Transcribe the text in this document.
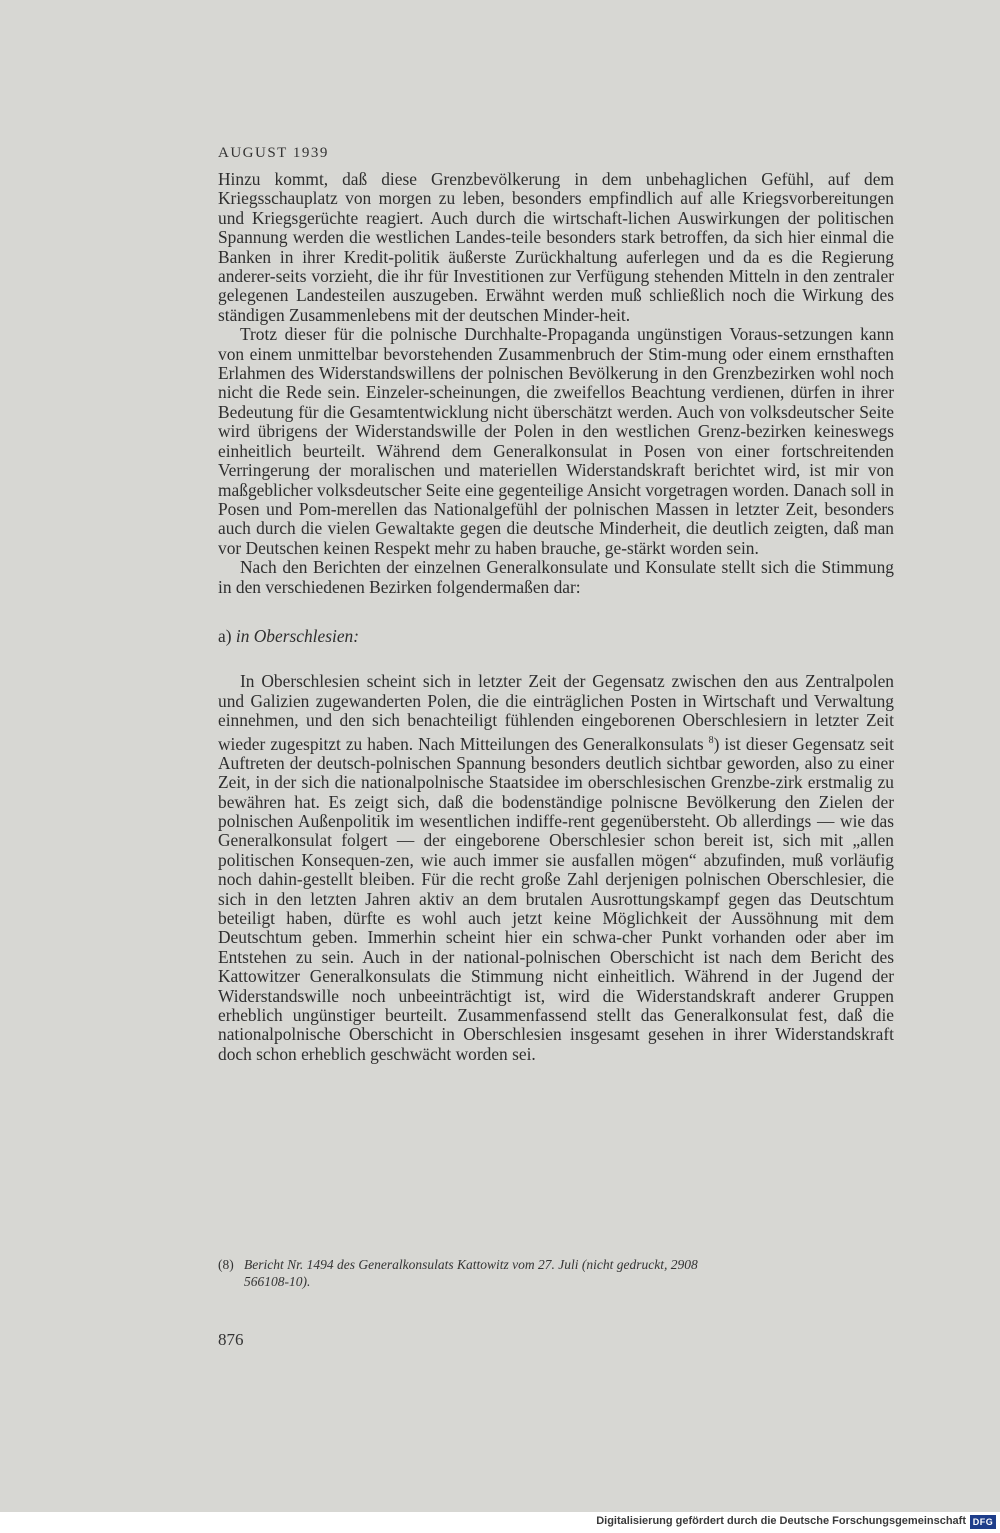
AUGUST 1939

Hinzu kommt, daß diese Grenzbevölkerung in dem unbehaglichen Gefühl, auf dem Kriegsschauplatz von morgen zu leben, besonders empfindlich auf alle Kriegsvorbereitungen und Kriegsgerüchte reagiert. Auch durch die wirtschaft-lichen Auswirkungen der politischen Spannung werden die westlichen Landes-teile besonders stark betroffen, da sich hier einmal die Banken in ihrer Kredit-politik äußerste Zurückhaltung auferlegen und da es die Regierung anderer-seits vorzieht, die ihr für Investitionen zur Verfügung stehenden Mitteln in den zentraler gelegenen Landesteilen auszugeben. Erwähnt werden muß schließlich noch die Wirkung des ständigen Zusammenlebens mit der deutschen Minder-heit.

Trotz dieser für die polnische Durchhalte-Propaganda ungünstigen Voraus-setzungen kann von einem unmittelbar bevorstehenden Zusammenbruch der Stim-mung oder einem ernsthaften Erlahmen des Widerstandswillens der polnischen Bevölkerung in den Grenzbezirken wohl noch nicht die Rede sein. Einzeler-scheinungen, die zweifellos Beachtung verdienen, dürfen in ihrer Bedeutung für die Gesamtentwicklung nicht überschätzt werden. Auch von volksdeutscher Seite wird übrigens der Widerstandswille der Polen in den westlichen Grenz-bezirken keineswegs einheitlich beurteilt. Während dem Generalkonsulat in Posen von einer fortschreitenden Verringerung der moralischen und materiellen Widerstandskraft berichtet wird, ist mir von maßgeblicher volksdeutscher Seite eine gegenteilige Ansicht vorgetragen worden. Danach soll in Posen und Pom-merellen das Nationalgefühl der polnischen Massen in letzter Zeit, besonders auch durch die vielen Gewaltakte gegen die deutsche Minderheit, die deutlich zeigten, daß man vor Deutschen keinen Respekt mehr zu haben brauche, ge-stärkt worden sein.

Nach den Berichten der einzelnen Generalkonsulate und Konsulate stellt sich die Stimmung in den verschiedenen Bezirken folgendermaßen dar:

a) in Oberschlesien:

In Oberschlesien scheint sich in letzter Zeit der Gegensatz zwischen den aus Zentralpolen und Galizien zugewanderten Polen, die die einträglichen Posten in Wirtschaft und Verwaltung einnehmen, und den sich benachteiligt fühlenden eingeborenen Oberschlesiern in letzter Zeit wieder zugespitzt zu haben. Nach Mitteilungen des Generalkonsulats $^8$) ist dieser Gegensatz seit Auftreten der deutsch-polnischen Spannung besonders deutlich sichtbar geworden, also zu einer Zeit, in der sich die nationalpolnische Staatsidee im oberschlesischen Grenzbe-zirk erstmalig zu bewähren hat. Es zeigt sich, daß die bodenständige polniscne Bevölkerung den Zielen der polnischen Außenpolitik im wesentlichen indiffe-rent gegenübersteht. Ob allerdings — wie das Generalkonsulat folgert — der eingeborene Oberschlesier schon bereit ist, sich mit „allen politischen Konsequen-zen, wie auch immer sie ausfallen mögen“ abzufinden, muß vorläufig noch dahin-gestellt bleiben. Für die recht große Zahl derjenigen polnischen Oberschlesier, die sich in den letzten Jahren aktiv an dem brutalen Ausrottungskampf gegen das Deutschtum beteiligt haben, dürfte es wohl auch jetzt keine Möglichkeit der Aussöhnung mit dem Deutschtum geben. Immerhin scheint hier ein schwa-cher Punkt vorhanden oder aber im Entstehen zu sein. Auch in der national-polnischen Oberschicht ist nach dem Bericht des Kattowitzer Generalkonsulats die Stimmung nicht einheitlich. Während in der Jugend der Widerstandswille noch unbeeinträchtigt ist, wird die Widerstandskraft anderer Gruppen erheblich ungünstiger beurteilt. Zusammenfassend stellt das Generalkonsulat fest, daß die nationalpolnische Oberschicht in Oberschlesien insgesamt gesehen in ihrer Widerstandskraft doch schon erheblich geschwächt worden sei.

(8) Bericht Nr. 1494 des Generalkonsulats Kattowitz vom 27. Juli (nicht gedruckt, 2908
566108-10).
876
Digitalisierung gefördert durch die Deutsche Forschungsgemeinschaft DFG
